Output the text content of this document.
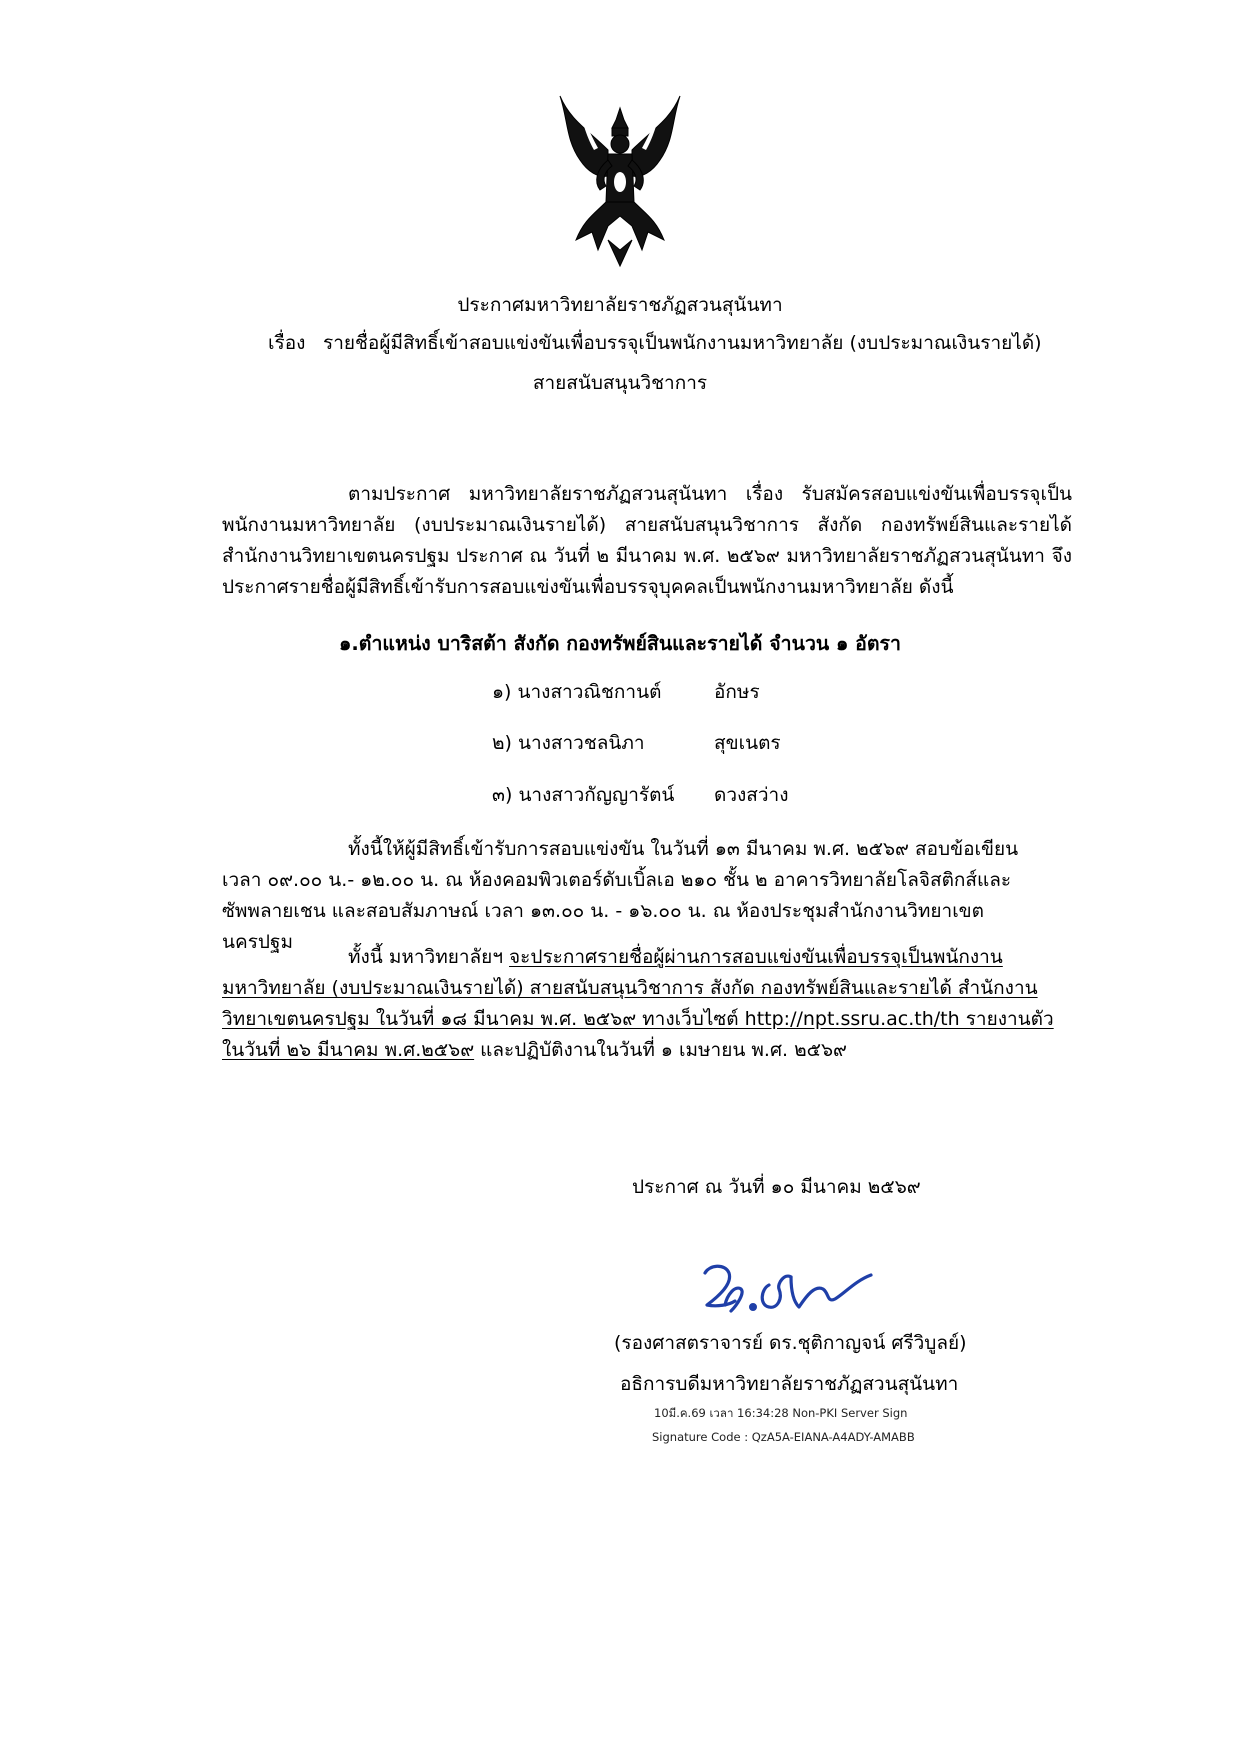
ประกาศมหาวิทยาลัยราชภัฏสวนสุนันทา
เรื่อง รายชื่อผู้มีสิทธิ์เข้าสอบแข่งขันเพื่อบรรจุเป็นพนักงานมหาวิทยาลัย (งบประมาณเงินรายได้)
สายสนับสนุนวิชาการ
ตามประกาศ มหาวิทยาลัยราชภัฏสวนสุนันทา เรื่อง รับสมัครสอบแข่งขันเพื่อบรรจุเป็นพนักงานมหาวิทยาลัย (งบประมาณเงินรายได้) สายสนับสนุนวิชาการ สังกัด กองทรัพย์สินและรายได้ สำนักงานวิทยาเขตนครปฐม ประกาศ ณ วันที่ ๒ มีนาคม พ.ศ. ๒๕๖๙ มหาวิทยาลัยราชภัฏสวนสุนันทา จึงประกาศรายชื่อผู้มีสิทธิ์เข้ารับการสอบแข่งขันเพื่อบรรจุบุคคลเป็นพนักงานมหาวิทยาลัย ดังนี้
๑.ตำแหน่ง บาริสต้า สังกัด กองทรัพย์สินและรายได้ จำนวน ๑ อัตรา
๑) นางสาวณิชกานต์	อักษร
๒) นางสาวชลนิภา	สุขเนตร
๓) นางสาวกัญญารัตน์ ดวงสว่าง
ทั้งนี้ให้ผู้มีสิทธิ์เข้ารับการสอบแข่งขัน ในวันที่ ๑๓ มีนาคม พ.ศ. ๒๕๖๙ สอบข้อเขียน เวลา ๐๙.๐๐ น.- ๑๒.๐๐ น. ณ ห้องคอมพิวเตอร์ดับเบิ้ลเอ ๒๑๐ ชั้น ๒ อาคารวิทยาลัยโลจิสติกส์และซัพพลายเชน และสอบสัมภาษณ์ เวลา ๑๓.๐๐ น. - ๑๖.๐๐ น. ณ ห้องประชุมสำนักงานวิทยาเขตนครปฐม
ทั้งนี้ มหาวิทยาลัยฯ จะประกาศรายชื่อผู้ผ่านการสอบแข่งขันเพื่อบรรจุเป็นพนักงานมหาวิทยาลัย (งบประมาณเงินรายได้) สายสนับสนุนวิชาการ สังกัด กองทรัพย์สินและรายได้ สำนักงานวิทยาเขตนครปฐม ในวันที่ ๑๘ มีนาคม พ.ศ. ๒๕๖๙ ทางเว็บไซต์ http://npt.ssru.ac.th/th รายงานตัวในวันที่ ๒๖ มีนาคม พ.ศ.๒๕๖๙ และปฏิบัติงานในวันที่ ๑ เมษายน พ.ศ. ๒๕๖๙
ประกาศ ณ วันที่ ๑๐ มีนาคม ๒๕๖๙
(รองศาสตราจารย์ ดร.ชุติกาญจน์ ศรีวิบูลย์)
อธิการบดีมหาวิทยาลัยราชภัฏสวนสุนันทา
10มี.ค.69 เวลา 16:34:28 Non-PKI Server Sign
Signature Code : QzA5A-EIANA-A4ADY-AMABB
